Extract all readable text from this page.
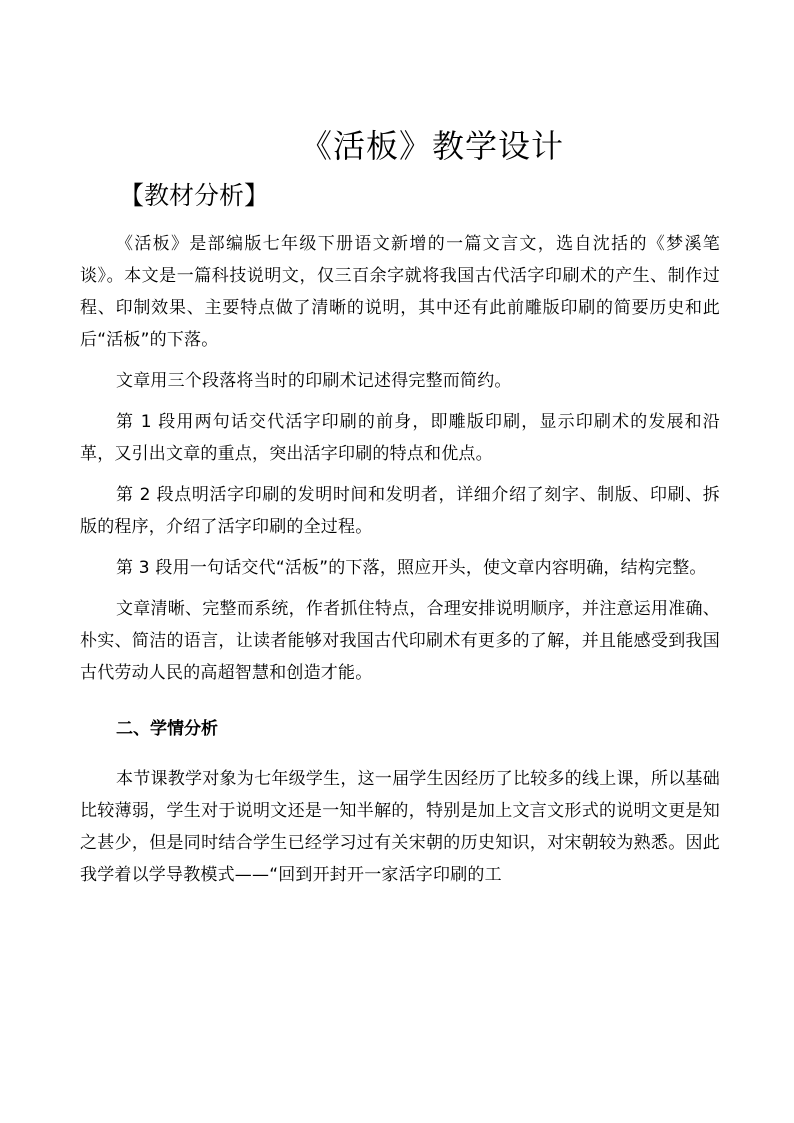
《活板》教学设计
【教材分析】

《活板》是部编版七年级下册语文新增的一篇文言文，选自沈括的《梦溪笔谈》。本文是一篇科技说明文，仅三百余字就将我国古代活字印刷术的产生、制作过程、印制效果、主要特点做了清晰的说明，其中还有此前雕版印刷的简要历史和此后“活板”的下落。

文章用三个段落将当时的印刷术记述得完整而简约。

第 1 段用两句话交代活字印刷的前身，即雕版印刷，显示印刷术的发展和沿革，又引出文章的重点，突出活字印刷的特点和优点。

第 2 段点明活字印刷的发明时间和发明者，详细介绍了刻字、制版、印刷、拆版的程序，介绍了活字印刷的全过程。

第 3 段用一句话交代“活板”的下落，照应开头，使文章内容明确，结构完整。

文章清晰、完整而系统，作者抓住特点，合理安排说明顺序，并注意运用准确、朴实、简洁的语言，让读者能够对我国古代印刷术有更多的了解，并且能感受到我国古代劳动人民的高超智慧和创造才能。

二、学情分析

本节课教学对象为七年级学生，这一届学生因经历了比较多的线上课，所以基础比较薄弱，学生对于说明文还是一知半解的，特别是加上文言文形式的说明文更是知之甚少，但是同时结合学生已经学习过有关宋朝的历史知识，对宋朝较为熟悉。因此我学着以学导教模式——“回到开封开一家活字印刷的工
